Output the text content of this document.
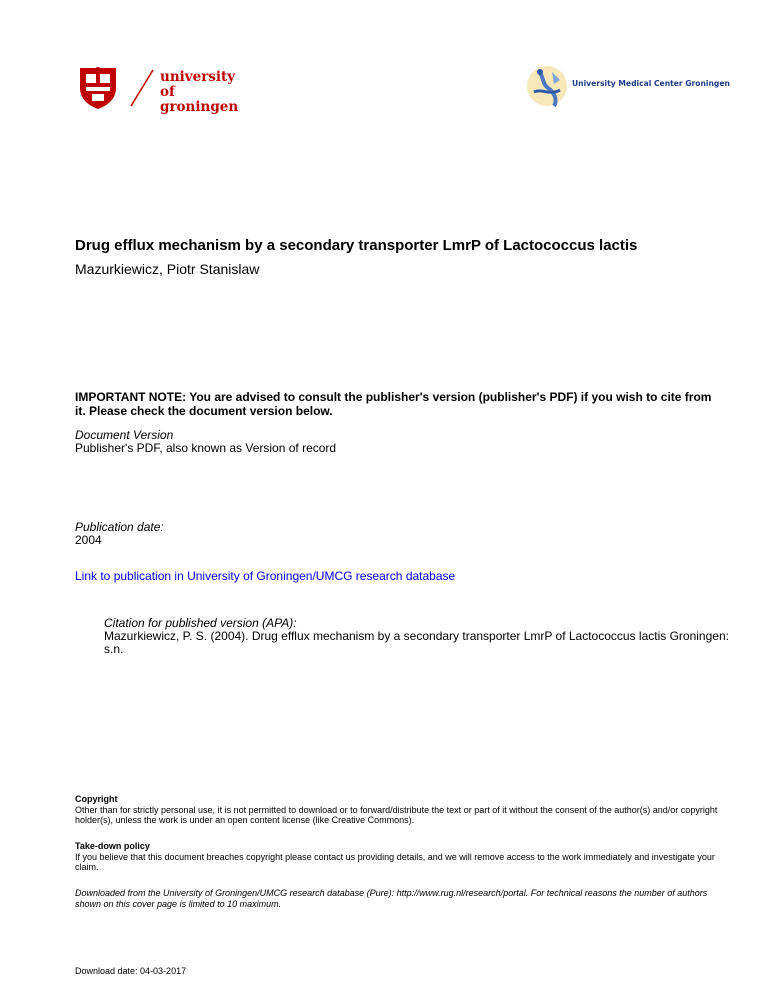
university of
groningen
University Medical Center Groningen
Drug efflux mechanism by a secondary transporter LmrP of Lactococcus lactis
Mazurkiewicz, Piotr Stanislaw
IMPORTANT NOTE: You are advised to consult the publisher's version (publisher's PDF) if you wish to cite from it. Please check the document version below.
Document Version
Publisher's PDF, also known as Version of record
Publication date:
2004
Link to publication in University of Groningen/UMCG research database
Citation for published version (APA):
Mazurkiewicz, P. S. (2004). Drug efflux mechanism by a secondary transporter LmrP of Lactococcus lactis Groningen: s.n.
Copyright
Other than for strictly personal use, it is not permitted to download or to forward/distribute the text or part of it without the consent of the author(s) and/or copyright holder(s), unless the work is under an open content license (like Creative Commons).
Take-down policy
If you believe that this document breaches copyright please contact us providing details, and we will remove access to the work immediately and investigate your claim.
Downloaded from the University of Groningen/UMCG research database (Pure): http://www.rug.nl/research/portal. For technical reasons the number of authors shown on this cover page is limited to 10 maximum.
Download date: 04-03-2017
